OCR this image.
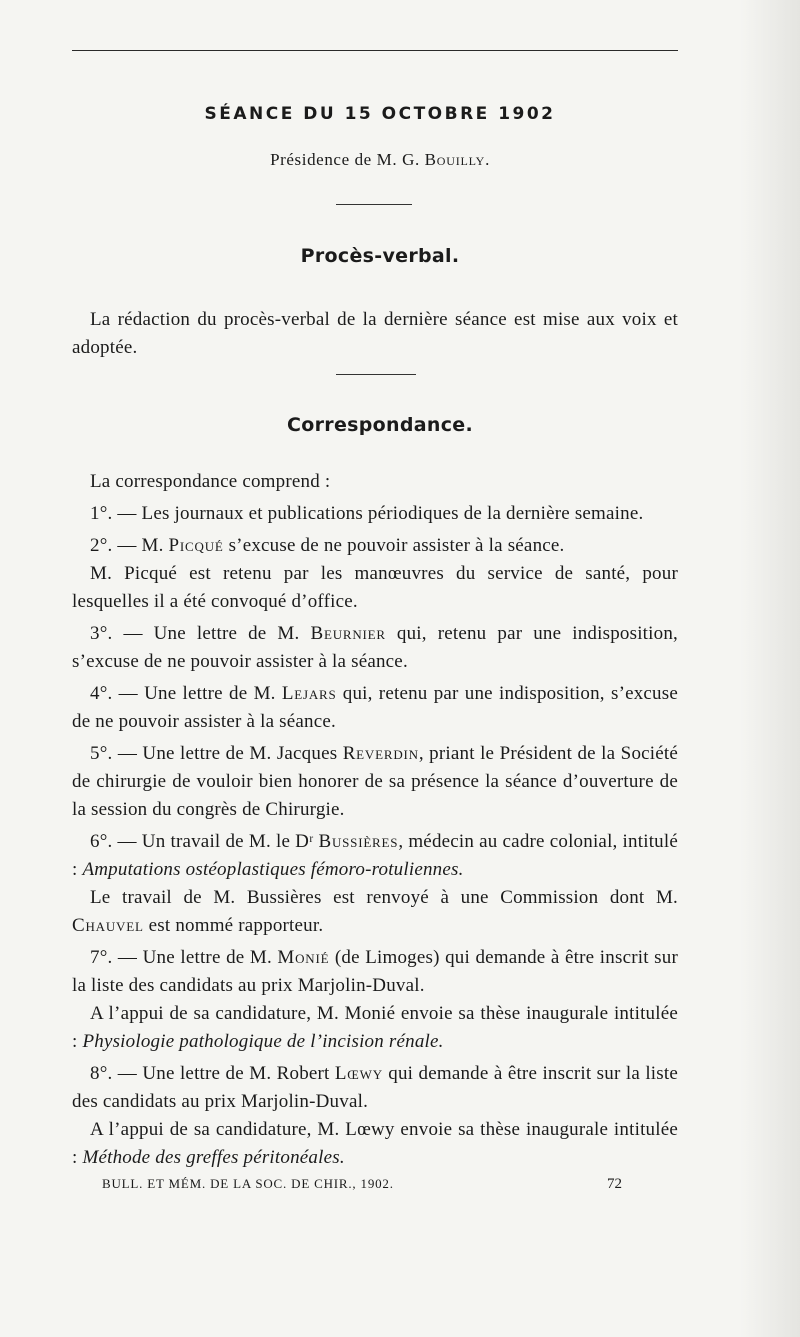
SÉANCE DU 15 OCTOBRE 1902
Présidence de M. G. Bouilly.
Procès-verbal.

La rédaction du procès-verbal de la dernière séance est mise aux voix et adoptée.

Correspondance.

La correspondance comprend :

1°. — Les journaux et publications périodiques de la dernière semaine.

2°. — M. Picqué s’excuse de ne pouvoir assister à la séance.

M. Picqué est retenu par les manœuvres du service de santé, pour lesquelles il a été convoqué d’office.

3°. — Une lettre de M. Beurnier qui, retenu par une indisposition, s’excuse de ne pouvoir assister à la séance.

4°. — Une lettre de M. Lejars qui, retenu par une indisposition, s’excuse de ne pouvoir assister à la séance.

5°. — Une lettre de M. Jacques Reverdin, priant le Président de la Société de chirurgie de vouloir bien honorer de sa présence la séance d’ouverture de la session du congrès de Chirurgie.

6°. — Un travail de M. le Dʳ Bussières, médecin au cadre colonial, intitulé : Amputations ostéoplastiques fémoro-rotuliennes.

Le travail de M. Bussières est renvoyé à une Commission dont M. Chauvel est nommé rapporteur.

7°. — Une lettre de M. Monié (de Limoges) qui demande à être inscrit sur la liste des candidats au prix Marjolin-Duval.

A l’appui de sa candidature, M. Monié envoie sa thèse inaugurale intitulée : Physiologie pathologique de l’incision rénale.

8°. — Une lettre de M. Robert Lœwy qui demande à être inscrit sur la liste des candidats au prix Marjolin-Duval.

A l’appui de sa candidature, M. Lœwy envoie sa thèse inaugurale intitulée : Méthode des greffes péritonéales.

BULL. ET MÉM. DE LA SOC. DE CHIR., 1902.	72
